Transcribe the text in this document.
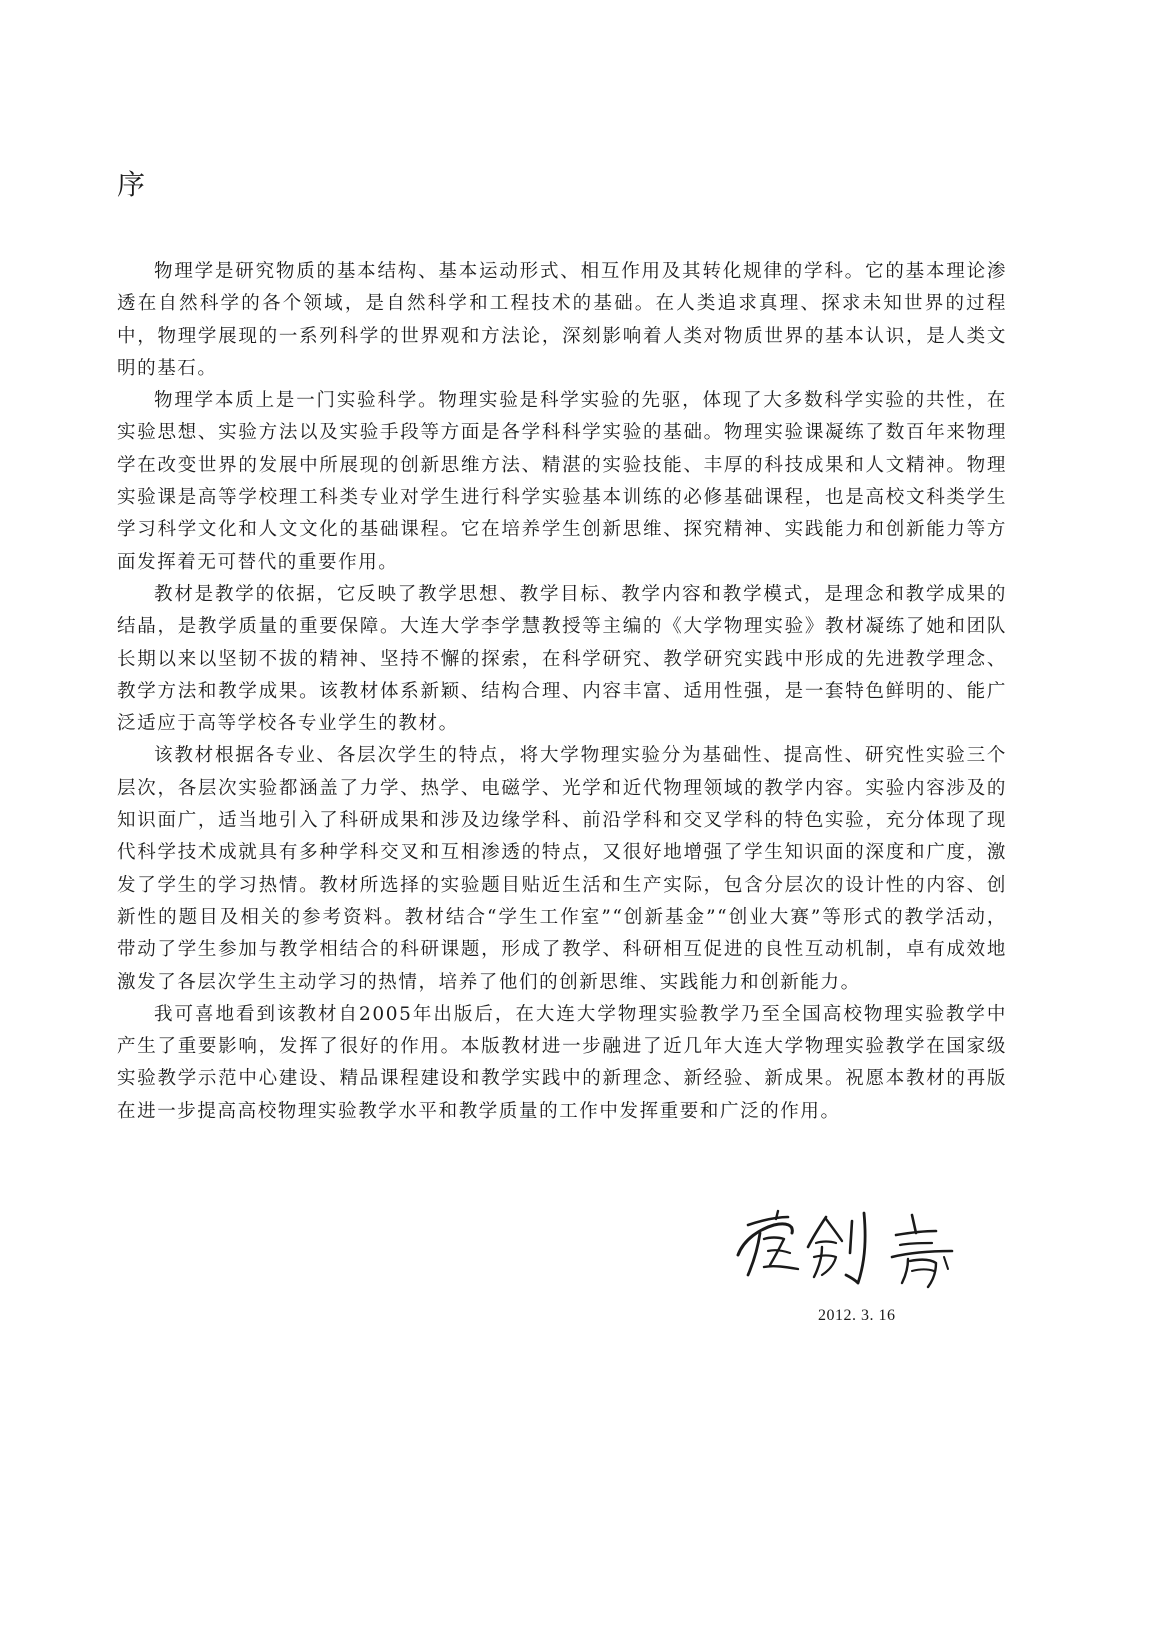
序

物理学是研究物质的基本结构、基本运动形式、相互作用及其转化规律的学科。它的基本理论渗透在自然科学的各个领域，是自然科学和工程技术的基础。在人类追求真理、探求未知世界的过程中，物理学展现的一系列科学的世界观和方法论，深刻影响着人类对物质世界的基本认识，是人类文明的基石。

物理学本质上是一门实验科学。物理实验是科学实验的先驱，体现了大多数科学实验的共性，在实验思想、实验方法以及实验手段等方面是各学科科学实验的基础。物理实验课凝练了数百年来物理学在改变世界的发展中所展现的创新思维方法、精湛的实验技能、丰厚的科技成果和人文精神。物理实验课是高等学校理工科类专业对学生进行科学实验基本训练的必修基础课程，也是高校文科类学生学习科学文化和人文文化的基础课程。它在培养学生创新思维、探究精神、实践能力和创新能力等方面发挥着无可替代的重要作用。

教材是教学的依据，它反映了教学思想、教学目标、教学内容和教学模式，是理念和教学成果的结晶，是教学质量的重要保障。大连大学李学慧教授等主编的《大学物理实验》教材凝练了她和团队长期以来以坚韧不拔的精神、坚持不懈的探索，在科学研究、教学研究实践中形成的先进教学理念、教学方法和教学成果。该教材体系新颖、结构合理、内容丰富、适用性强，是一套特色鲜明的、能广泛适应于高等学校各专业学生的教材。

该教材根据各专业、各层次学生的特点，将大学物理实验分为基础性、提高性、研究性实验三个层次，各层次实验都涵盖了力学、热学、电磁学、光学和近代物理领域的教学内容。实验内容涉及的知识面广，适当地引入了科研成果和涉及边缘学科、前沿学科和交叉学科的特色实验，充分体现了现代科学技术成就具有多种学科交叉和互相渗透的特点，又很好地增强了学生知识面的深度和广度，激发了学生的学习热情。教材所选择的实验题目贴近生活和生产实际，包含分层次的设计性的内容、创新性的题目及相关的参考资料。教材结合“学生工作室”“创新基金”“创业大赛”等形式的教学活动，带动了学生参加与教学相结合的科研课题，形成了教学、科研相互促进的良性互动机制，卓有成效地激发了各层次学生主动学习的热情，培养了他们的创新思维、实践能力和创新能力。

我可喜地看到该教材自2005年出版后，在大连大学物理实验教学乃至全国高校物理实验教学中产生了重要影响，发挥了很好的作用。本版教材进一步融进了近几年大连大学物理实验教学在国家级实验教学示范中心建设、精品课程建设和教学实践中的新理念、新经验、新成果。祝愿本教材的再版在进一步提高高校物理实验教学水平和教学质量的工作中发挥重要和广泛的作用。

2012. 3. 16
